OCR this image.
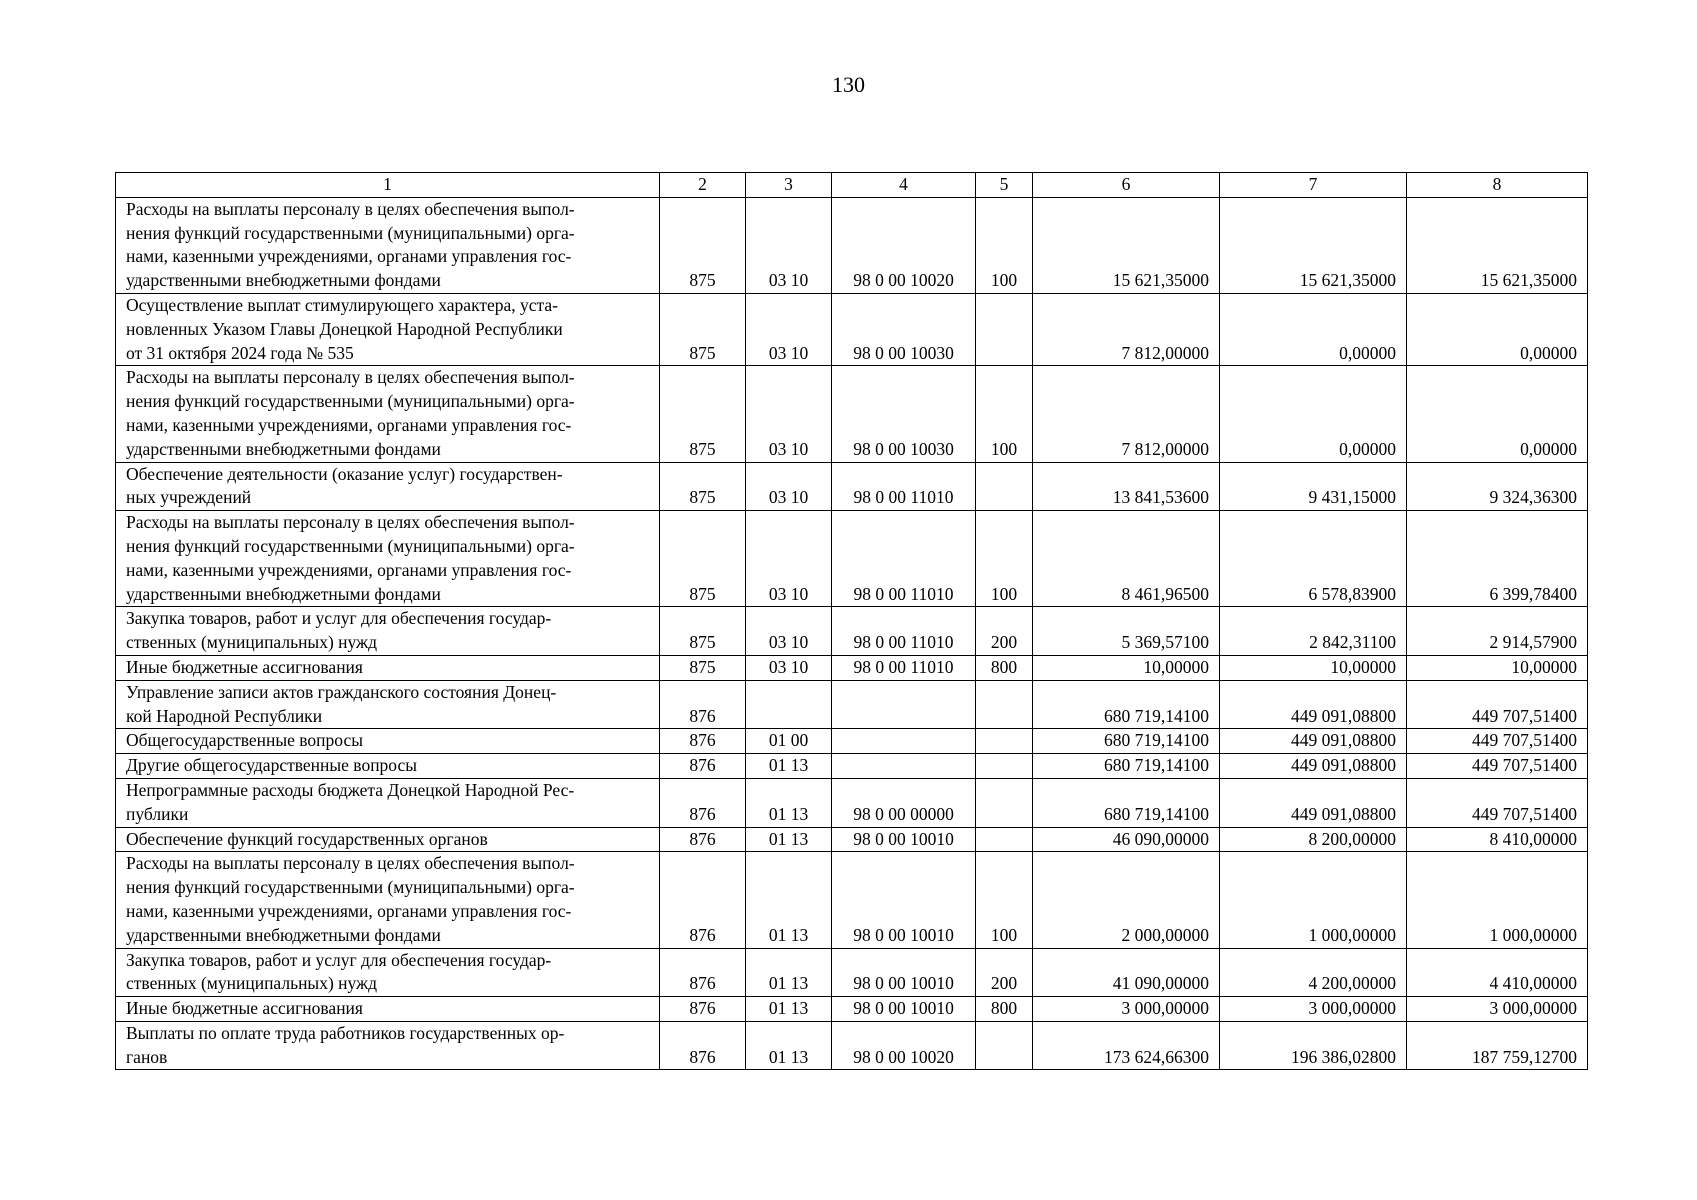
130
1	2	3	4	5	6	7	8

Расходы на выплаты персоналу в целях обеспечения выпол-
нения функций государственными (муниципальными) орга-
нами, казенными учреждениями, органами управления гос-
ударственными внебюджетными фондами	875	03 10	98 0 00 10020	100	15 621,35000	15 621,35000	15 621,35000

Осуществление выплат стимулирующего характера, уста-
новленных Указом Главы Донецкой Народной Республики
от 31 октября 2024 года № 535	875	03 10	98 0 00 10030		7 812,00000	0,00000	0,00000

Расходы на выплаты персоналу в целях обеспечения выпол-
нения функций государственными (муниципальными) орга-
нами, казенными учреждениями, органами управления гос-
ударственными внебюджетными фондами	875	03 10	98 0 00 10030	100	7 812,00000	0,00000	0,00000

Обеспечение деятельности (оказание услуг) государствен-
ных учреждений	875	03 10	98 0 00 11010		13 841,53600	9 431,15000	9 324,36300

Расходы на выплаты персоналу в целях обеспечения выпол-
нения функций государственными (муниципальными) орга-
нами, казенными учреждениями, органами управления гос-
ударственными внебюджетными фондами	875	03 10	98 0 00 11010	100	8 461,96500	6 578,83900	6 399,78400

Закупка товаров, работ и услуг для обеспечения государ-
ственных (муниципальных) нужд	875	03 10	98 0 00 11010	200	5 369,57100	2 842,31100	2 914,57900

Иные бюджетные ассигнования	875	03 10	98 0 00 11010	800	10,00000	10,00000	10,00000

Управление записи актов гражданского состояния Донец-
кой Народной Республики	876				680 719,14100	449 091,08800	449 707,51400

Общегосударственные вопросы	876	01 00			680 719,14100	449 091,08800	449 707,51400

Другие общегосударственные вопросы	876	01 13			680 719,14100	449 091,08800	449 707,51400

Непрограммные расходы бюджета Донецкой Народной Рес-
публики	876	01 13	98 0 00 00000		680 719,14100	449 091,08800	449 707,51400

Обеспечение функций государственных органов	876	01 13	98 0 00 10010		46 090,00000	8 200,00000	8 410,00000

Расходы на выплаты персоналу в целях обеспечения выпол-
нения функций государственными (муниципальными) орга-
нами, казенными учреждениями, органами управления гос-
ударственными внебюджетными фондами	876	01 13	98 0 00 10010	100	2 000,00000	1 000,00000	1 000,00000

Закупка товаров, работ и услуг для обеспечения государ-
ственных (муниципальных) нужд	876	01 13	98 0 00 10010	200	41 090,00000	4 200,00000	4 410,00000

Иные бюджетные ассигнования	876	01 13	98 0 00 10010	800	3 000,00000	3 000,00000	3 000,00000

Выплаты по оплате труда работников государственных ор-
ганов	876	01 13	98 0 00 10020		173 624,66300	196 386,02800	187 759,12700
